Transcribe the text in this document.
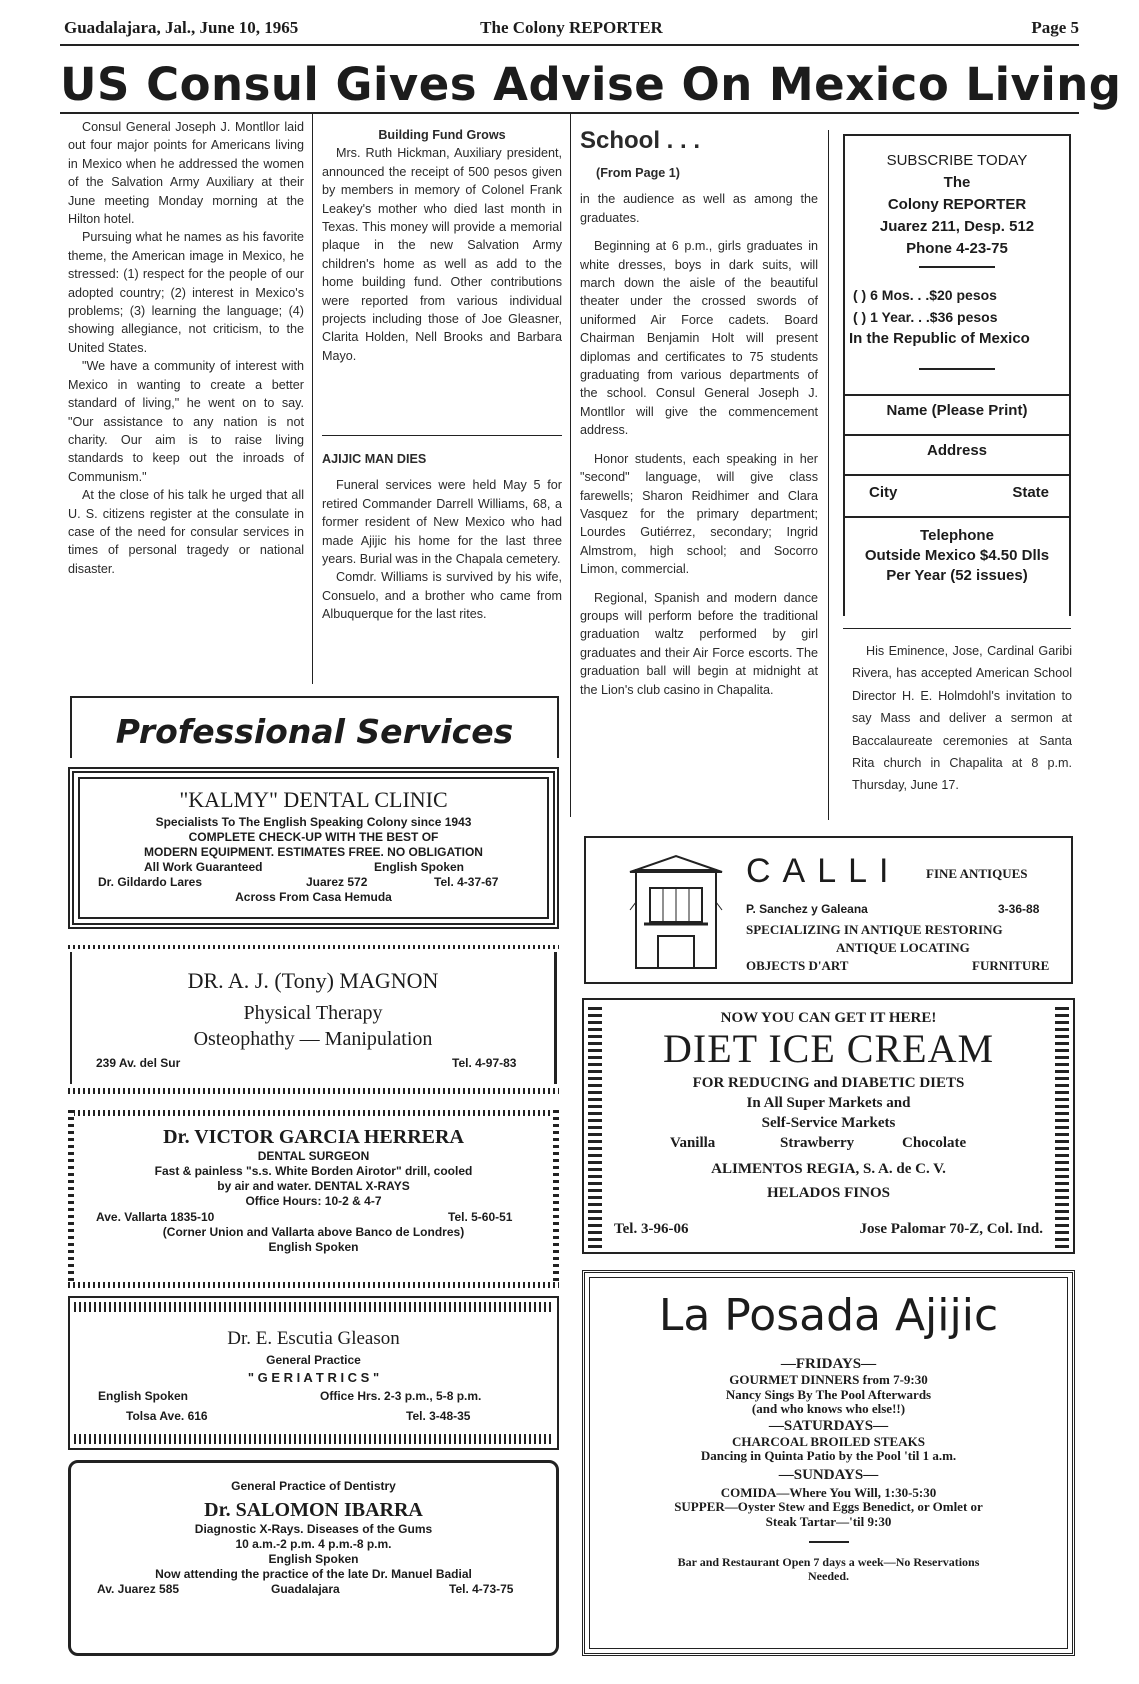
Guadalajara, Jal., June 10, 1965	The Colony REPORTER	Page 5
US Consul Gives Advise On Mexico Living

Consul General Joseph J. Montllor laid out four major points for Americans living in Mexico when he addressed the women of the Salvation Army Auxiliary at their June meeting Monday morning at the Hilton hotel.

Pursuing what he names as his favorite theme, the American image in Mexico, he stressed: (1) respect for the people of our adopted country; (2) interest in Mexico's problems; (3) learning the language; (4) showing allegiance, not criticism, to the United States.

"We have a community of interest with Mexico in wanting to create a better standard of living," he went on to say. "Our assistance to any nation is not charity. Our aim is to raise living standards to keep out the inroads of Communism."

At the close of his talk he urged that all U. S. citizens register at the consulate in case of the need for consular services in times of personal tragedy or national disaster.

Building Fund Grows

Mrs. Ruth Hickman, Auxiliary president, announced the receipt of 500 pesos given by members in memory of Colonel Frank Leakey's mother who died last month in Texas. This money will provide a memorial plaque in the new Salvation Army children's home as well as add to the home building fund. Other contributions were reported from various individual projects including those of Joe Gleasner, Clarita Holden, Nell Brooks and Barbara Mayo.

AJIJIC MAN DIES

Funeral services were held May 5 for retired Commander Darrell Williams, 68, a former resident of New Mexico who had made Ajijic his home for the last three years. Burial was in the Chapala cemetery.

Comdr. Williams is survived by his wife, Consuelo, and a brother who came from Albuquerque for the last rites.

School . . .
(From Page 1)

in the audience as well as among the graduates.

Beginning at 6 p.m., girls graduates in white dresses, boys in dark suits, will march down the aisle of the beautiful theater under the crossed swords of uniformed Air Force cadets. Board Chairman Benjamin Holt will present diplomas and certificates to 75 students graduating from various departments of the school. Consul General Joseph J. Montllor will give the commencement address.

Honor students, each speaking in her "second" language, will give class farewells; Sharon Reidhimer and Clara Vasquez for the primary department; Lourdes Gutiérrez, secondary; Ingrid Almstrom, high school; and Socorro Limon, commercial.

Regional, Spanish and modern dance groups will perform before the traditional graduation waltz performed by girl graduates and their Air Force escorts. The graduation ball will begin at midnight at the Lion's club casino in Chapalita.

SUBSCRIBE TODAY
The
Colony REPORTER
Juarez 211, Desp. 512
Phone 4-23-75
( ) 6 Mos. . .$20 pesos
( ) 1 Year. . .$36 pesos
In the Republic of Mexico
Name (Please Print)
Address
City	State
Telephone
Outside Mexico $4.50 Dlls
Per Year (52 issues)

His Eminence, Jose, Cardinal Garibi Rivera, has accepted American School Director H. E. Holmdohl's invitation to say Mass and deliver a sermon at Baccalaureate ceremonies at Santa Rita church in Chapalita at 8 p.m. Thursday, June 17.

Professional Services
"KALMY" DENTAL CLINIC
Specialists To The English Speaking Colony since 1943
COMPLETE CHECK-UP WITH THE BEST OF
MODERN EQUIPMENT. ESTIMATES FREE. NO OBLIGATION
All Work Guaranteed	English Spoken
Dr. Gildardo Lares	Juarez 572	Tel. 4-37-67
Across From Casa Hemuda
DR. A. J. (Tony) MAGNON
Physical Therapy
Osteophathy — Manipulation
239 Av. del Sur	Tel. 4-97-83
Dr. VICTOR GARCIA HERRERA
DENTAL SURGEON
Fast & painless "s.s. White Borden Airotor" drill, cooled
by air and water. DENTAL X-RAYS
Office Hours: 10-2 & 4-7
Ave. Vallarta 1835-10	Tel. 5-60-51
(Corner Union and Vallarta above Banco de Londres)
English Spoken
Dr. E. Escutia Gleason
General Practice
" G E R I A T R I C S "
English Spoken	Office Hrs. 2-3 p.m., 5-8 p.m.
Tolsa Ave. 616	Tel. 3-48-35
General Practice of Dentistry
Dr. SALOMON IBARRA
Diagnostic X-Rays. Diseases of the Gums
10 a.m.-2 p.m. 4 p.m.-8 p.m.
English Spoken
Now attending the practice of the late Dr. Manuel Badial
Av. Juarez 585	Guadalajara	Tel. 4-73-75
CALLI FINE ANTIQUES
P. Sanchez y Galeana	3-36-88
SPECIALIZING IN ANTIQUE RESTORING
ANTIQUE LOCATING
OBJECTS D'ART	FURNITURE
NOW YOU CAN GET IT HERE!
DIET ICE CREAM
FOR REDUCING and DIABETIC DIETS
In All Super Markets and
Self-Service Markets
Vanilla	Strawberry	Chocolate
ALIMENTOS REGIA, S. A. de C. V.
HELADOS FINOS
Tel. 3-96-06	Jose Palomar 70-Z, Col. Ind.
La Posada Ajijic
—FRIDAYS—
GOURMET DINNERS from 7-9:30
Nancy Sings By The Pool Afterwards
(and who knows who else!!)
—SATURDAYS—
CHARCOAL BROILED STEAKS
Dancing in Quinta Patio by the Pool 'til 1 a.m.
—SUNDAYS—
COMIDA—Where You Will, 1:30-5:30
SUPPER—Oyster Stew and Eggs Benedict, or Omlet or
Steak Tartar—'til 9:30
Bar and Restaurant Open 7 days a week—No Reservations
Needed.
